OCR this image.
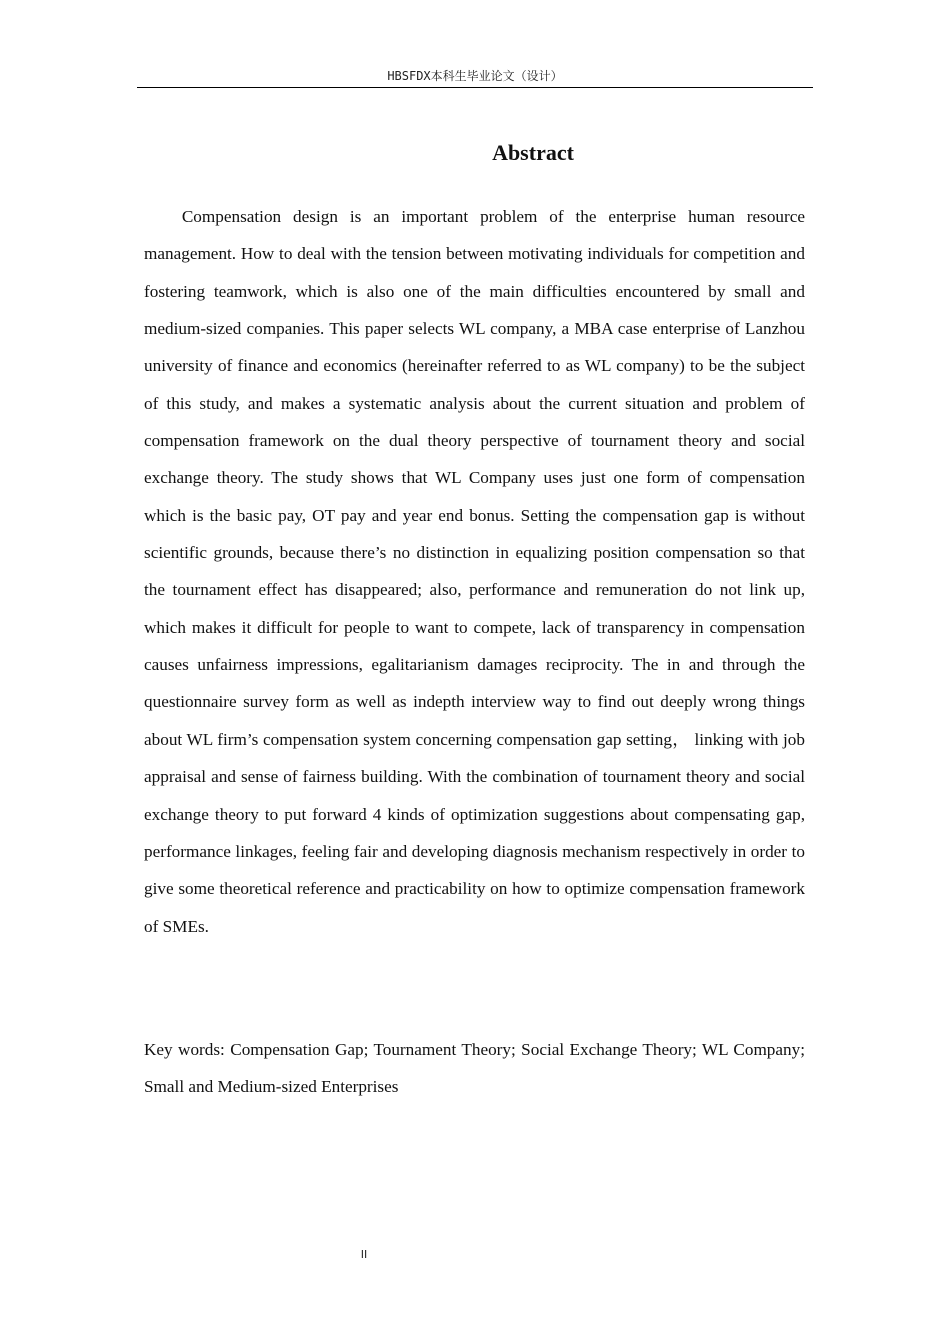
HBSFDX本科生毕业论文（设计）
Abstract

Compensation design is an important problem of the enterprise human resource management. How to deal with the tension between motivating individuals for competition and fostering teamwork, which is also one of the main difficulties encountered by small and medium-sized companies. This paper selects WL company, a MBA case enterprise of Lanzhou university of finance and economics (hereinafter referred to as WL company) to be the subject of this study, and makes a systematic analysis about the current situation and problem of compensation framework on the dual theory perspective of tournament theory and social exchange theory. The study shows that WL Company uses just one form of compensation which is the basic pay, OT pay and year end bonus. Setting the compensation gap is without scientific grounds, because there’s no distinction in equalizing position compensation so that the tournament effect has disappeared; also, performance and remuneration do not link up, which makes it difficult for people to want to compete, lack of transparency in compensation causes unfairness impressions, egalitarianism damages reciprocity. The in and through the questionnaire survey form as well as indepth interview way to find out deeply wrong things about WL firm’s compensation system concerning compensation gap setting， linking with job appraisal and sense of fairness building. With the combination of tournament theory and social exchange theory to put forward 4 kinds of optimization suggestions about compensating gap, performance linkages, feeling fair and developing diagnosis mechanism respectively in order to give some theoretical reference and practicability on how to optimize compensation framework of SMEs.

Key words: Compensation Gap; Tournament Theory; Social Exchange Theory; WL Company; Small and Medium-sized Enterprises

II
